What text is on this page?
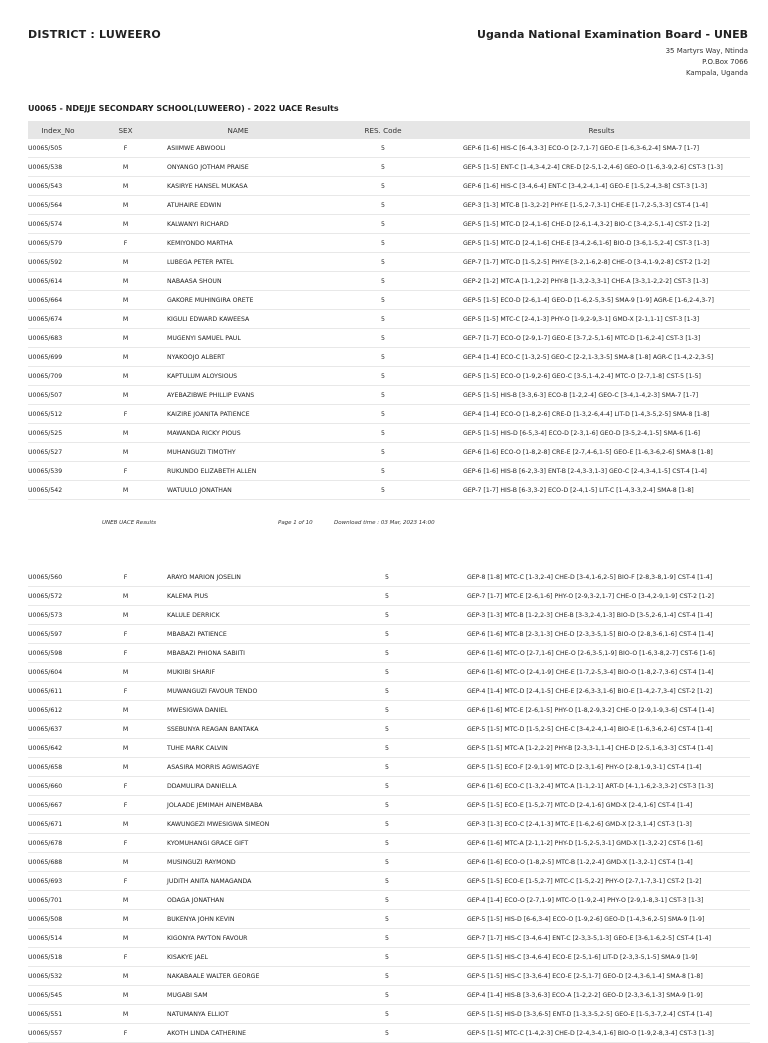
DISTRICT : LUWEERO	Uganda National Examination Board - UNEB
35 Martyrs Way, Ntinda
P.O.Box 7066
Kampala, Uganda
U0065 - NDEJJE SECONDARY SCHOOL(LUWEERO) - 2022 UACE Results
Index_No	SEX	NAME	RES. Code	Results
U0065/505	F	ASIIMWE ABWOOLI	5	GEP-6 [1-6] HIS-C [6-4,3-3] ECO-O [2-7,1-7] GEO-E [1-6,3-6,2-4] SMA-7 [1-7]
U0065/538	M	ONYANGO JOTHAM PRAISE	5	GEP-5 [1-5] ENT-C [1-4,3-4,2-4] CRE-D [2-5,1-2,4-6] GEO-O [1-6,3-9,2-6] CST-3 [1-3]
U0065/543	M	KASIRYE HANSEL MUKASA	5	GEP-6 [1-6] HIS-C [3-4,6-4] ENT-C [3-4,2-4,1-4] GEO-E [1-5,2-4,3-8] CST-3 [1-3]
U0065/564	M	ATUHAIRE EDWIN	5	GEP-3 [1-3] MTC-B [1-3,2-2] PHY-E [1-5,2-7,3-1] CHE-E [1-7,2-5,3-3] CST-4 [1-4]
U0065/574	M	KALWANYI RICHARD	5	GEP-5 [1-5] MTC-D [2-4,1-6] CHE-D [2-6,1-4,3-2] BIO-C [3-4,2-5,1-4] CST-2 [1-2]
U0065/579	F	KEMIYONDO MARTHA	5	GEP-5 [1-5] MTC-D [2-4,1-6] CHE-E [3-4,2-6,1-6] BIO-D [3-6,1-5,2-4] CST-3 [1-3]
U0065/592	M	LUBEGA PETER PATEL	5	GEP-7 [1-7] MTC-D [1-5,2-5] PHY-E [3-2,1-6,2-8] CHE-O [3-4,1-9,2-8] CST-2 [1-2]
U0065/614	M	NABAASA SHOUN	5	GEP-2 [1-2] MTC-A [1-1,2-2] PHY-B [1-3,2-3,3-1] CHE-A [3-3,1-2,2-2] CST-3 [1-3]
U0065/664	M	GAKORE MUHINGIRA ORETE	5	GEP-5 [1-5] ECO-D [2-6,1-4] GEO-D [1-6,2-5,3-5] SMA-9 [1-9] AGR-E [1-6,2-4,3-7]
U0065/674	M	KIGULI EDWARD KAWEESA	5	GEP-5 [1-5] MTC-C [2-4,1-3] PHY-O [1-9,2-9,3-1] GMD-X [2-1,1-1] CST-3 [1-3]
U0065/683	M	MUGENYI SAMUEL PAUL	5	GEP-7 [1-7] ECO-O [2-9,1-7] GEO-E [3-7,2-5,1-6] MTC-D [1-6,2-4] CST-3 [1-3]
U0065/699	M	NYAKOOJO ALBERT	5	GEP-4 [1-4] ECO-C [1-3,2-5] GEO-C [2-2,1-3,3-5] SMA-8 [1-8] AGR-C [1-4,2-2,3-5]
U0065/709	M	KAPTULUM ALOYSIOUS	5	GEP-5 [1-5] ECO-O [1-9,2-6] GEO-C [3-5,1-4,2-4] MTC-O [2-7,1-8] CST-5 [1-5]
U0065/507	M	AYEBAZIBWE PHILLIP EVANS	5	GEP-5 [1-5] HIS-B [3-3,6-3] ECO-B [1-2,2-4] GEO-C [3-4,1-4,2-3] SMA-7 [1-7]
U0065/512	F	KAIZIRE JOANITA PATIENCE	5	GEP-4 [1-4] ECO-O [1-8,2-6] CRE-D [1-3,2-6,4-4] LIT-D [1-4,3-5,2-5] SMA-8 [1-8]
U0065/525	M	MAWANDA RICKY PIOUS	5	GEP-5 [1-5] HIS-D [6-5,3-4] ECO-D [2-3,1-6] GEO-D [3-5,2-4,1-5] SMA-6 [1-6]
U0065/527	M	MUHANGUZI TIMOTHY	5	GEP-6 [1-6] ECO-O [1-8,2-8] CRE-E [2-7,4-6,1-5] GEO-E [1-6,3-6,2-6] SMA-8 [1-8]
U0065/539	F	RUKUNDO ELIZABETH ALLEN	5	GEP-6 [1-6] HIS-B [6-2,3-3] ENT-B [2-4,3-3,1-3] GEO-C [2-4,3-4,1-5] CST-4 [1-4]
U0065/542	M	WATUULO JONATHAN	5	GEP-7 [1-7] HIS-B [6-3,3-2] ECO-D [2-4,1-5] LIT-C [1-4,3-3,2-4] SMA-8 [1-8]
UNEB UACE Results	Page 1 of 10	Download time : 03 Mar, 2023 14:00
U0065/560	F	ARAYO MARION JOSELIN	5	GEP-8 [1-8] MTC-C [1-3,2-4] CHE-D [3-4,1-6,2-5] BIO-F [2-8,3-8,1-9] CST-4 [1-4]
U0065/572	M	KALEMA PIUS	5	GEP-7 [1-7] MTC-E [2-6,1-6] PHY-O [2-9,3-2,1-7] CHE-O [3-4,2-9,1-9] CST-2 [1-2]
U0065/573	M	KALULE DERRICK	5	GEP-3 [1-3] MTC-B [1-2,2-3] CHE-B [3-3,2-4,1-3] BIO-D [3-5,2-6,1-4] CST-4 [1-4]
U0065/597	F	MBABAZI PATIENCE	5	GEP-6 [1-6] MTC-B [2-3,1-3] CHE-D [2-3,3-5,1-5] BIO-O [2-8,3-6,1-6] CST-4 [1-4]
U0065/598	F	MBABAZI PHIONA SABIITI	5	GEP-6 [1-6] MTC-O [2-7,1-6] CHE-O [2-6,3-5,1-9] BIO-O [1-6,3-8,2-7] CST-6 [1-6]
U0065/604	M	MUKIIBI SHARIF	5	GEP-6 [1-6] MTC-O [2-4,1-9] CHE-E [1-7,2-5,3-4] BIO-O [1-8,2-7,3-6] CST-4 [1-4]
U0065/611	F	MUWANGUZI FAVOUR TENDO	5	GEP-4 [1-4] MTC-D [2-4,1-5] CHE-E [2-6,3-3,1-6] BIO-E [1-4,2-7,3-4] CST-2 [1-2]
U0065/612	M	MWESIGWA DANIEL	5	GEP-6 [1-6] MTC-E [2-6,1-5] PHY-O [1-8,2-9,3-2] CHE-O [2-9,1-9,3-6] CST-4 [1-4]
U0065/637	M	SSEBUNYA REAGAN BANTAKA	5	GEP-5 [1-5] MTC-D [1-5,2-5] CHE-C [3-4,2-4,1-4] BIO-E [1-6,3-6,2-6] CST-4 [1-4]
U0065/642	M	TUHE MARK CALVIN	5	GEP-5 [1-5] MTC-A [1-2,2-2] PHY-B [2-3,3-1,1-4] CHE-D [2-5,1-6,3-3] CST-4 [1-4]
U0065/658	M	ASASIRA MORRIS AGWISAGYE	5	GEP-5 [1-5] ECO-F [2-9,1-9] MTC-D [2-3,1-6] PHY-O [2-8,1-9,3-1] CST-4 [1-4]
U0065/660	F	DDAMULIRA DANIELLA	5	GEP-6 [1-6] ECO-C [1-3,2-4] MTC-A [1-1,2-1] ART-D [4-1,1-6,2-3,3-2] CST-3 [1-3]
U0065/667	F	JOLAADE JEMIMAH AINEMBABA	5	GEP-5 [1-5] ECO-E [1-5,2-7] MTC-D [2-4,1-6] GMD-X [2-4,1-6] CST-4 [1-4]
U0065/671	M	KAWUNGEZI MWESIGWA SIMEON	5	GEP-3 [1-3] ECO-C [2-4,1-3] MTC-E [1-6,2-6] GMD-X [2-3,1-4] CST-3 [1-3]
U0065/678	F	KYOMUHANGI GRACE GIFT	5	GEP-6 [1-6] MTC-A [2-1,1-2] PHY-D [1-5,2-5,3-1] GMD-X [1-3,2-2] CST-6 [1-6]
U0065/688	M	MUSINGUZI RAYMOND	5	GEP-6 [1-6] ECO-O [1-8,2-5] MTC-B [1-2,2-4] GMD-X [1-3,2-1] CST-4 [1-4]
U0065/693	F	JUDITH ANITA NAMAGANDA	5	GEP-5 [1-5] ECO-E [1-5,2-7] MTC-C [1-5,2-2] PHY-O [2-7,1-7,3-1] CST-2 [1-2]
U0065/701	M	ODAGA JONATHAN	5	GEP-4 [1-4] ECO-O [2-7,1-9] MTC-O [1-9,2-4] PHY-O [2-9,1-8,3-1] CST-3 [1-3]
U0065/508	M	BUKENYA JOHN KEVIN	5	GEP-5 [1-5] HIS-D [6-6,3-4] ECO-O [1-9,2-6] GEO-D [1-4,3-6,2-5] SMA-9 [1-9]
U0065/514	M	KIGONYA PAYTON FAVOUR	5	GEP-7 [1-7] HIS-C [3-4,6-4] ENT-C [2-3,3-5,1-3] GEO-E [3-6,1-6,2-5] CST-4 [1-4]
U0065/518	F	KISAKYE JAEL	5	GEP-5 [1-5] HIS-C [3-4,6-4] ECO-E [2-5,1-6] LIT-D [2-3,3-5,1-5] SMA-9 [1-9]
U0065/532	M	NAKABAALE WALTER GEORGE	5	GEP-5 [1-5] HIS-C [3-3,6-4] ECO-E [2-5,1-7] GEO-D [2-4,3-6,1-4] SMA-8 [1-8]
U0065/545	M	MUGABI SAM	5	GEP-4 [1-4] HIS-B [3-3,6-3] ECO-A [1-2,2-2] GEO-D [2-3,3-6,1-3] SMA-9 [1-9]
U0065/551	M	NATUMANYA ELLIOT	5	GEP-5 [1-5] HIS-D [3-3,6-5] ENT-D [1-3,3-5,2-5] GEO-E [1-5,3-7,2-4] CST-4 [1-4]
U0065/557	F	AKOTH LINDA CATHERINE	5	GEP-5 [1-5] MTC-C [1-4,2-3] CHE-D [2-4,3-4,1-6] BIO-O [1-9,2-8,3-4] CST-3 [1-3]
